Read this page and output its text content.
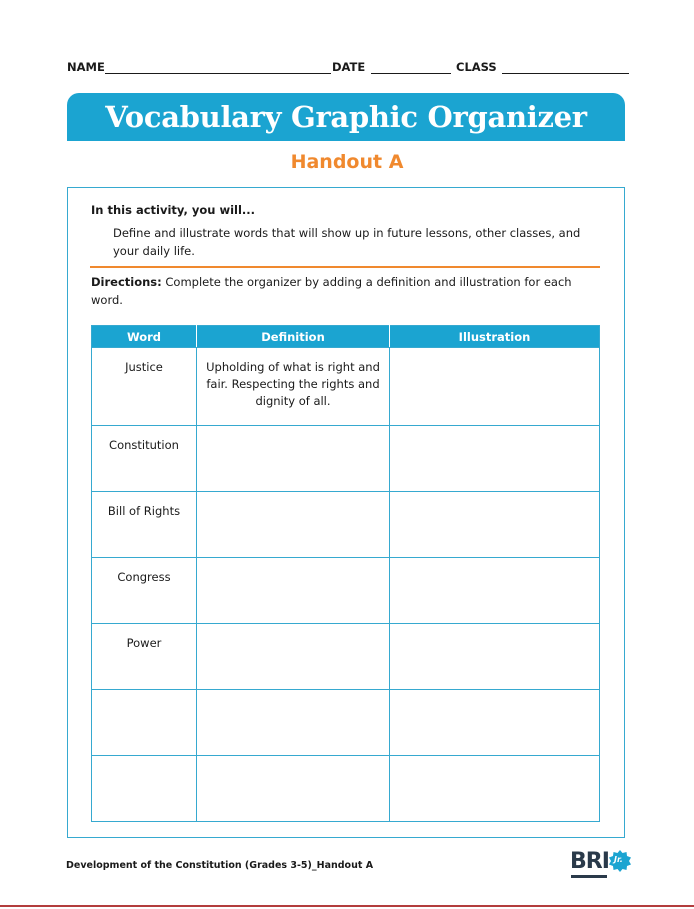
NAME	DATE	CLASS
Vocabulary Graphic Organizer
Handout A
In this activity, you will...
Define and illustrate words that will show up in future lessons, other classes, and your daily life.
Directions: Complete the organizer by adding a definition and illustration for each word.
Word	Definition	Illustration
Justice	Upholding of what is right and fair. Respecting the rights and dignity of all.	
Constitution		
Bill of Rights		
Congress		
Power		

Development of the Constitution (Grades 3-5)_Handout A	BRI Jr.
